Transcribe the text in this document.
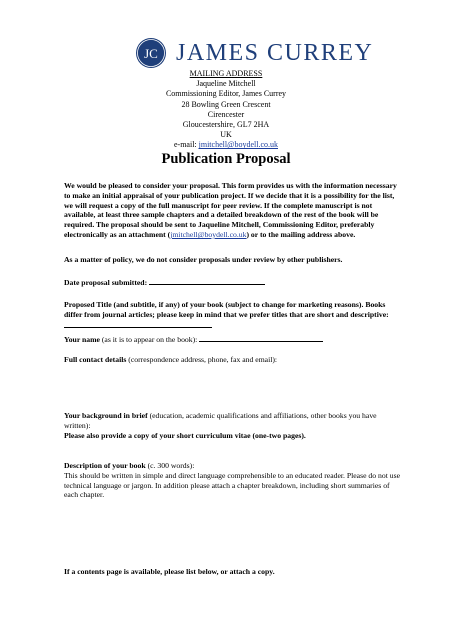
JC JAMES CURREY
MAILING ADDRESS
Jaqueline Mitchell
Commissioning Editor, James Currey
28 Bowling Green Crescent
Cirencester
Gloucestershire, GL7 2HA
UK
e-mail: jmitchell@boydell.co.uk
Publication Proposal
We would be pleased to consider your proposal. This form provides us with the information necessary to make an initial appraisal of your publication project. If we decide that it is a possibility for the list, we will request a copy of the full manuscript for peer review. If the complete manuscript is not available, at least three sample chapters and a detailed breakdown of the rest of the book will be required. The proposal should be sent to Jaqueline Mitchell, Commissioning Editor, preferably electronically as an attachment (jmitchell@boydell.co.uk) or to the mailing address above.
As a matter of policy, we do not consider proposals under review by other publishers.
Date proposal submitted:
Proposed Title (and subtitle, if any) of your book (subject to change for marketing reasons). Books differ from journal articles; please keep in mind that we prefer titles that are short and descriptive:
Your name (as it is to appear on the book):
Full contact details (correspondence address, phone, fax and email):
Your background in brief (education, academic qualifications and affiliations, other books you have written):
Please also provide a copy of your short curriculum vitae (one-two pages).
Description of your book (c. 300 words):
This should be written in simple and direct language comprehensible to an educated reader. Please do not use technical language or jargon. In addition please attach a chapter breakdown, including short summaries of each chapter.
If a contents page is available, please list below, or attach a copy.
